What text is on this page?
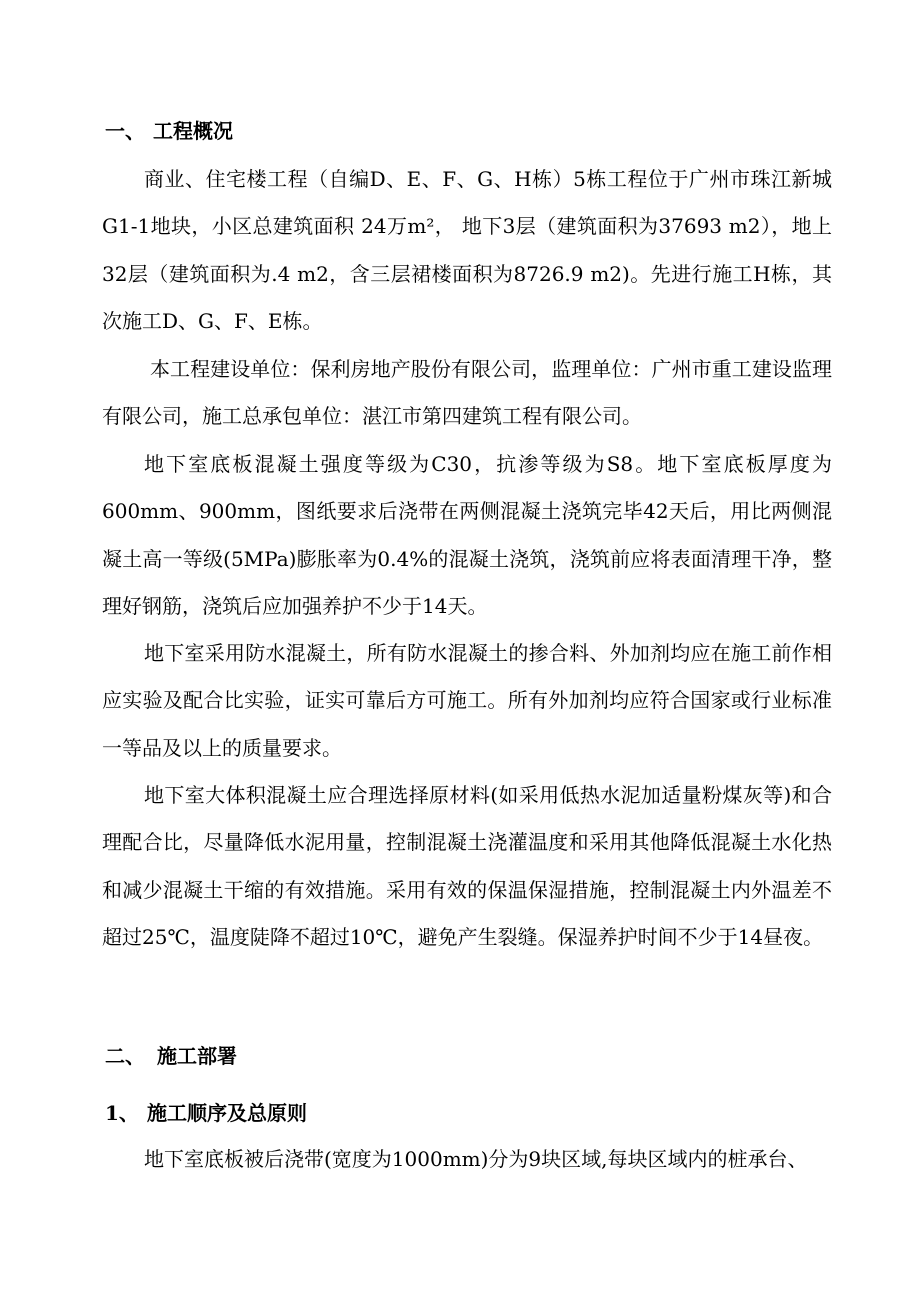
一、 工程概况

商业、住宅楼工程（自编D、E、F、G、H栋）5栋工程位于广州市珠江新城G1-1地块，小区总建筑面积 24万m²， 地下3层（建筑面积为37693 m2），地上32层（建筑面积为.4 m2，含三层裙楼面积为8726.9 m2)。先进行施工H栋，其次施工D、G、F、E栋。

本工程建设单位：保利房地产股份有限公司，监理单位：广州市重工建设监理有限公司，施工总承包单位：湛江市第四建筑工程有限公司。

地下室底板混凝土强度等级为C30，抗渗等级为S8。地下室底板厚度为600mm、900mm，图纸要求后浇带在两侧混凝土浇筑完毕42天后，用比两侧混凝土高一等级(5MPa)膨胀率为0.4%的混凝土浇筑，浇筑前应将表面清理干净，整理好钢筋，浇筑后应加强养护不少于14天。

地下室采用防水混凝土，所有防水混凝土的掺合料、外加剂均应在施工前作相应实验及配合比实验，证实可靠后方可施工。所有外加剂均应符合国家或行业标准一等品及以上的质量要求。

地下室大体积混凝土应合理选择原材料(如采用低热水泥加适量粉煤灰等)和合理配合比，尽量降低水泥用量，控制混凝土浇灌温度和采用其他降低混凝土水化热和减少混凝土干缩的有效措施。采用有效的保温保湿措施，控制混凝土内外温差不超过25℃，温度陡降不超过10℃，避免产生裂缝。保湿养护时间不少于14昼夜。

二、 施工部署
1、 施工顺序及总原则

地下室底板被后浇带(宽度为1000mm)分为9块区域,每块区域内的桩承台、
